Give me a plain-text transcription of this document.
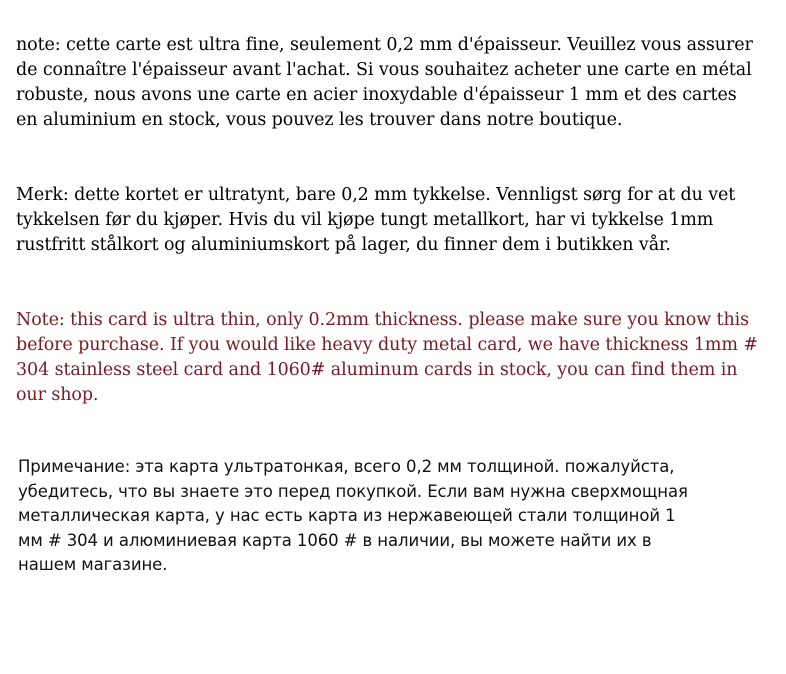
note: cette carte est ultra fine, seulement 0,2 mm d'épaisseur. Veuillez vous assurer
de connaître l'épaisseur avant l'achat. Si vous souhaitez acheter une carte en métal
robuste, nous avons une carte en acier inoxydable d'épaisseur 1 mm et des cartes
en aluminium en stock, vous pouvez les trouver dans notre boutique.

Merk: dette kortet er ultratynt, bare 0,2 mm tykkelse. Vennligst sørg for at du vet
tykkelsen før du kjøper. Hvis du vil kjøpe tungt metallkort, har vi tykkelse 1mm
rustfritt stålkort og aluminiumskort på lager, du finner dem i butikken vår.

Note: this card is ultra thin, only 0.2mm thickness. please make sure you know this
before purchase. If you would like heavy duty metal card, we have thickness 1mm #
304 stainless steel card and 1060# aluminum cards in stock, you can find them in
our shop.

Примечание: эта карта ультратонкая, всего 0,2 мм толщиной. пожалуйста,
убедитесь, что вы знаете это перед покупкой. Если вам нужна сверхмощная
металлическая карта, у нас есть карта из нержавеющей стали толщиной 1
мм # 304 и алюминиевая карта 1060 # в наличии, вы можете найти их в
нашем магазине.
